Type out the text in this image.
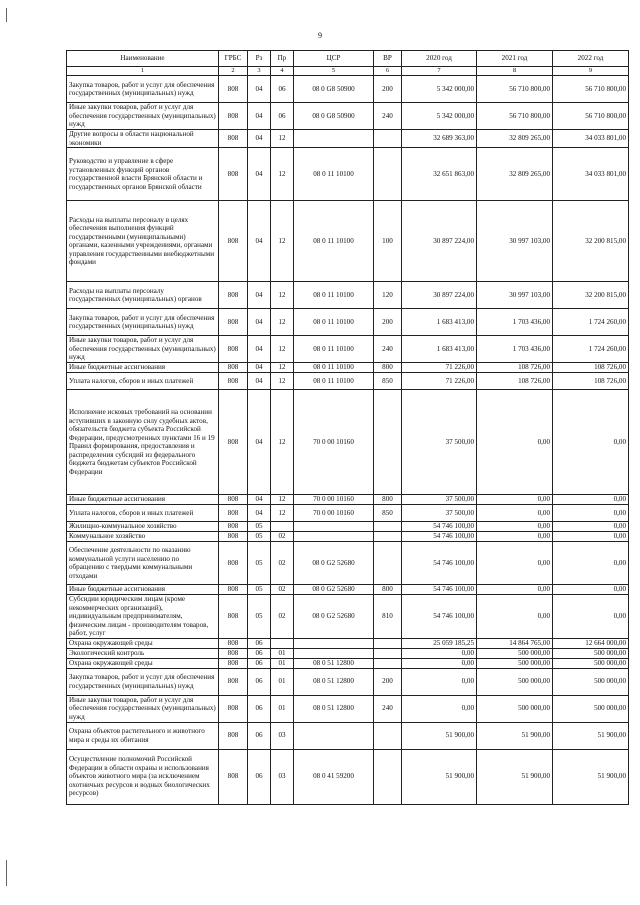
9
Наименование	ГРБС	Рз	Пр	ЦСР	ВР	2020 год	2021 год	2022 год
1	2	3	4	5	6	7	8	9
Закупка товаров, работ и услуг для обеспечения государственных (муниципальных) нужд	808	04	06	08 0 G8 50900	200	5 342 000,00	56 710 800,00	56 710 800,00
Иные закупки товаров, работ и услуг для обеспечения государственных (муниципальных) нужд	808	04	06	08 0 G8 50900	240	5 342 000,00	56 710 800,00	56 710 800,00
Другие вопросы в области национальной экономики	808	04	12			32 689 363,00	32 809 265,00	34 033 801,00
Руководство и управление в сфере установленных функций органов государственной власти Брянской области и государственных органов Брянской области	808	04	12	08 0 11 10100		32 651 863,00	32 809 265,00	34 033 801,00
Расходы на выплаты персоналу в целях обеспечения выполнения функций государственными (муниципальными) органами, казенными учреждениями, органами управления государственными внебюджетными фондами	808	04	12	08 0 11 10100	100	30 897 224,00	30 997 103,00	32 200 815,00
Расходы на выплаты персоналу государственных (муниципальных) органов	808	04	12	08 0 11 10100	120	30 897 224,00	30 997 103,00	32 200 815,00
Закупка товаров, работ и услуг для обеспечения государственных (муниципальных) нужд	808	04	12	08 0 11 10100	200	1 683 413,00	1 703 436,00	1 724 260,00
Иные закупки товаров, работ и услуг для обеспечения государственных (муниципальных) нужд	808	04	12	08 0 11 10100	240	1 683 413,00	1 703 436,00	1 724 260,00
Иные бюджетные ассигнования	808	04	12	08 0 11 10100	800	71 226,00	108 726,00	108 726,00
Уплата налогов, сборов и иных платежей	808	04	12	08 0 11 10100	850	71 226,00	108 726,00	108 726,00
Исполнение исковых требований на основании вступивших в законную силу судебных актов, обязательств бюджета субъекта Российской Федерации, предусмотренных пунктами 16 и 19 Правил формирования, предоставления и распределения субсидий из федерального бюджета бюджетам субъектов Российской Федерации	808	04	12	70 0 00 10160		37 500,00	0,00	0,00
Иные бюджетные ассигнования	808	04	12	70 0 00 10160	800	37 500,00	0,00	0,00
Уплата налогов, сборов и иных платежей	808	04	12	70 0 00 10160	850	37 500,00	0,00	0,00
Жилищно-коммунальное хозяйство	808	05				54 746 100,00	0,00	0,00
Коммунальное хозяйство	808	05	02			54 746 100,00	0,00	0,00
Обеспечение деятельности по оказанию коммунальной услуги населению по обращению с твердыми коммунальными отходами	808	05	02	08 0 G2 52680		54 746 100,00	0,00	0,00
Иные бюджетные ассигнования	808	05	02	08 0 G2 52680	800	54 746 100,00	0,00	0,00
Субсидии юридическим лицам (кроме некоммерческих организаций), индивидуальным предпринимателям, физическим лицам - производителям товаров, работ, услуг	808	05	02	08 0 G2 52680	810	54 746 100,00	0,00	0,00
Охрана окружающей среды	808	06				25 059 185,25	14 864 765,00	12 664 000,00
Экологический контроль	808	06	01			0,00	500 000,00	500 000,00
Охрана окружающей среды	808	06	01	08 0 51 12800		0,00	500 000,00	500 000,00
Закупка товаров, работ и услуг для обеспечения государственных (муниципальных) нужд	808	06	01	08 0 51 12800	200	0,00	500 000,00	500 000,00
Иные закупки товаров, работ и услуг для обеспечения государственных (муниципальных) нужд	808	06	01	08 0 51 12800	240	0,00	500 000,00	500 000,00
Охрана объектов растительного и животного мира и среды их обитания	808	06	03			51 900,00	51 900,00	51 900,00
Осуществление полномочий Российской Федерации в области охраны и использования объектов животного мира (за исключением охотничьих ресурсов и водных биологических ресурсов)	808	06	03	08 0 41 59200		51 900,00	51 900,00	51 900,00
